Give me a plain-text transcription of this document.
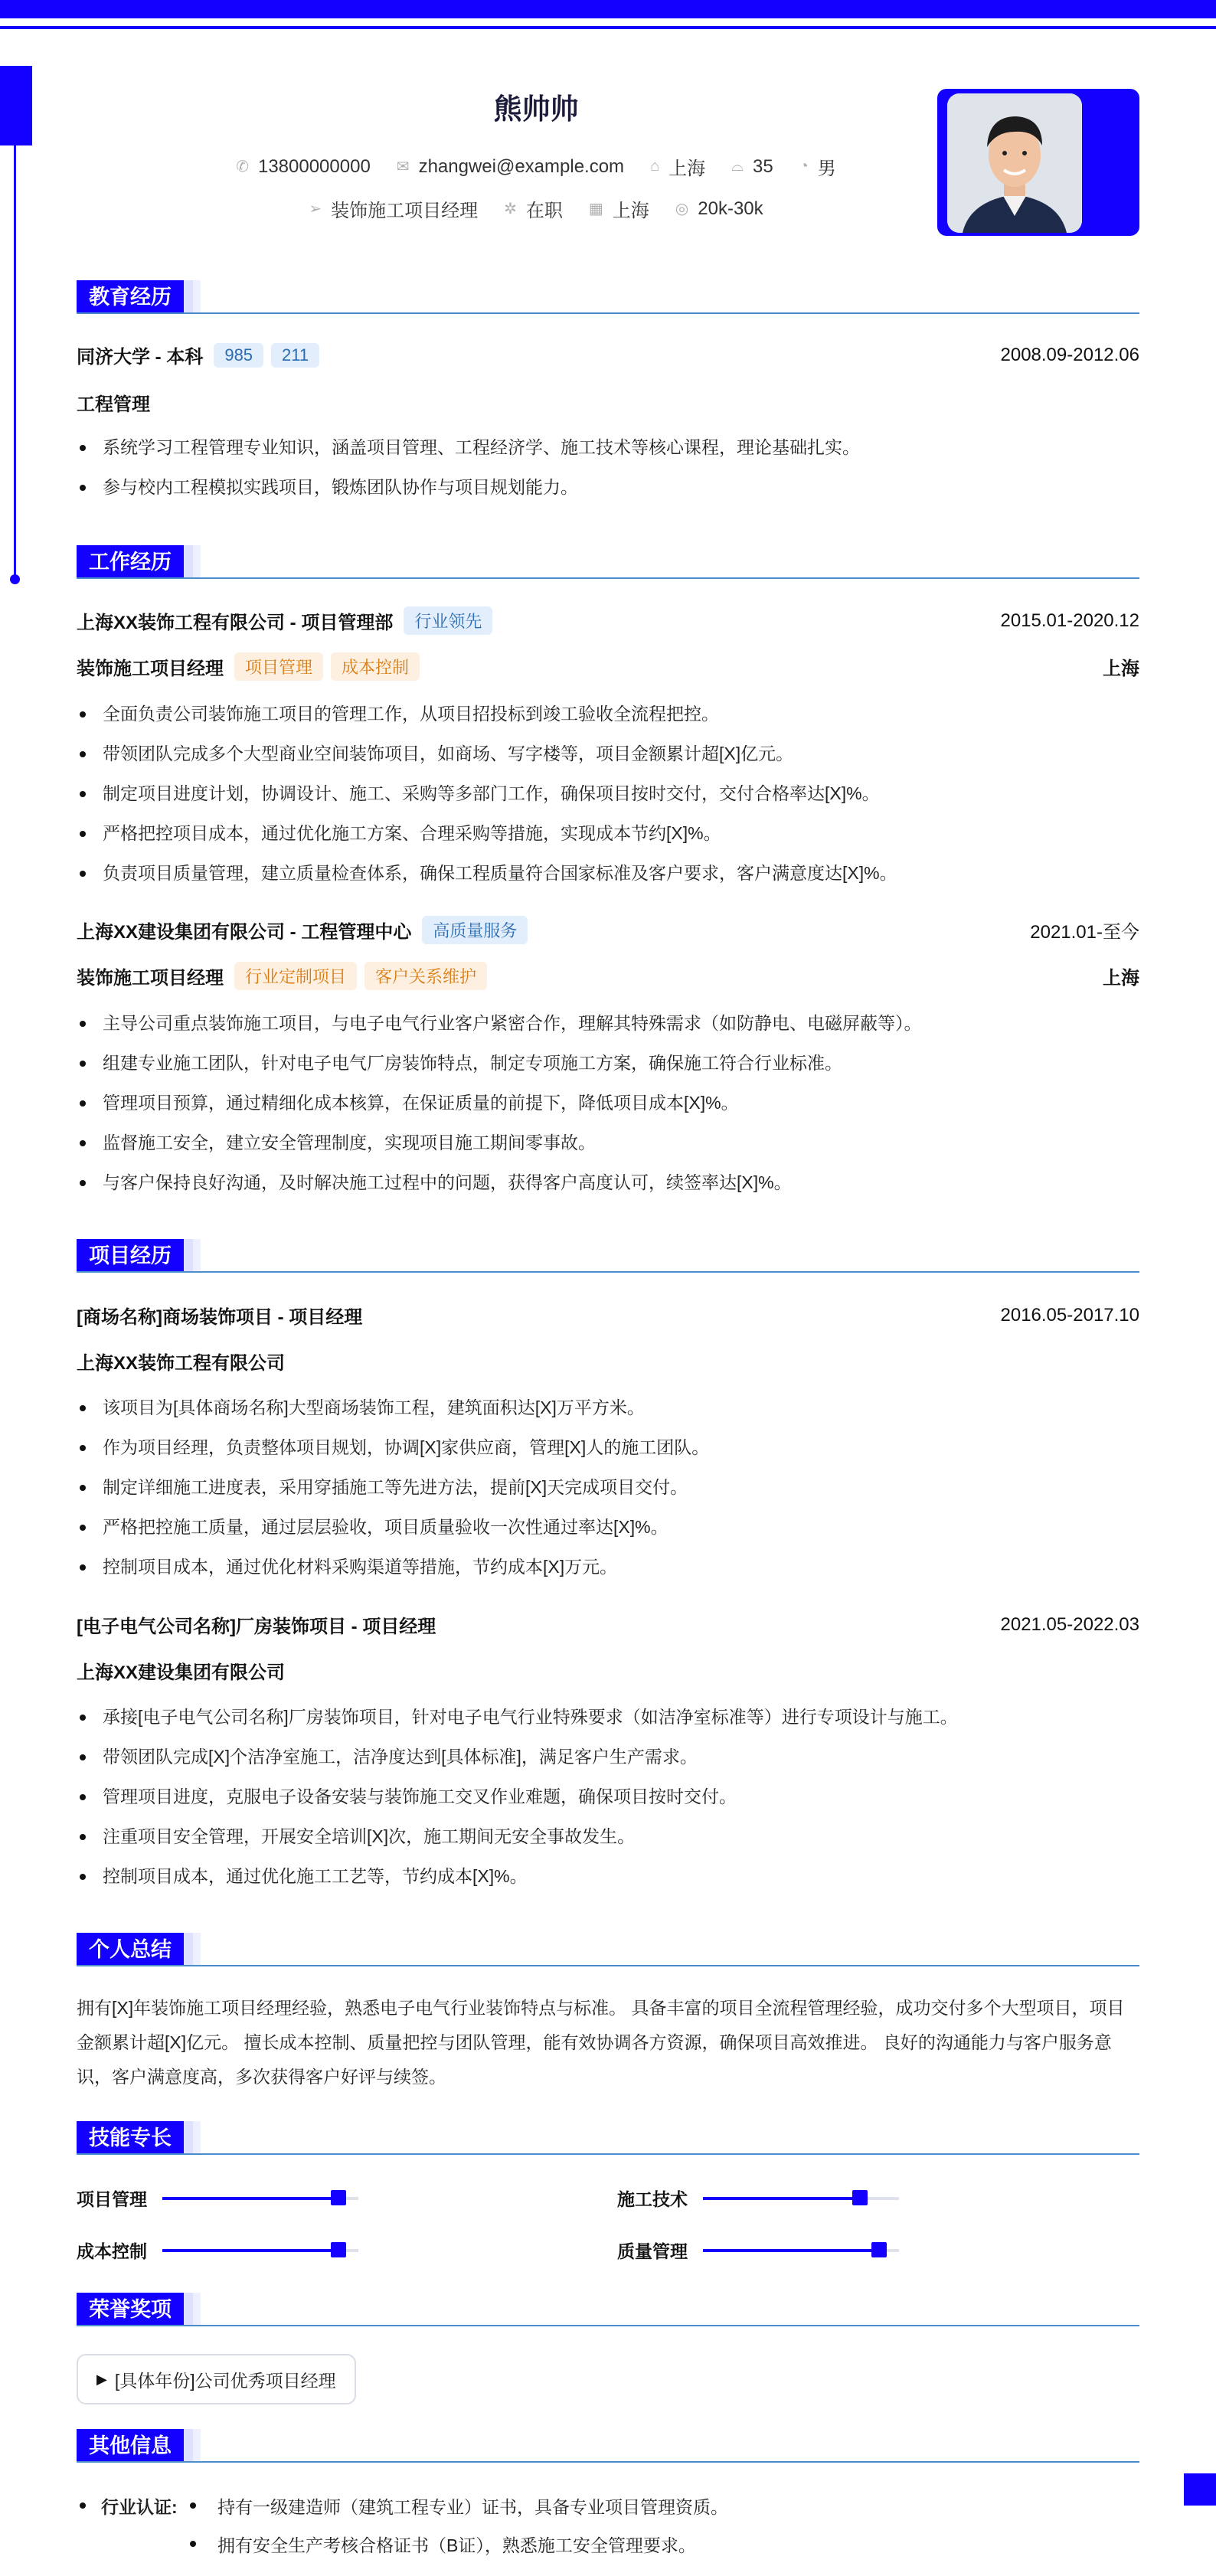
熊帅帅
✆ 13800000000 ✉ zhangwei@example.com ⌂ 上海 ⌓ 35 ◔ 男
➢ 装饰施工项目经理 ✲ 在职 ▦ 上海 ◎ 20k-30k
教育经历
同济大学 - 本科	985	211	2008.09-2012.06
工程管理
系统学习工程管理专业知识，涵盖项目管理、工程经济学、施工技术等核心课程，理论基础扎实。
参与校内工程模拟实践项目，锻炼团队协作与项目规划能力。
工作经历
上海XX装饰工程有限公司 - 项目管理部	行业领先	2015.01-2020.12
装饰施工项目经理	项目管理	成本控制	上海
全面负责公司装饰施工项目的管理工作，从项目招投标到竣工验收全流程把控。
带领团队完成多个大型商业空间装饰项目，如商场、写字楼等，项目金额累计超[X]亿元。
制定项目进度计划，协调设计、施工、采购等多部门工作，确保项目按时交付，交付合格率达[X]%。
严格把控项目成本，通过优化施工方案、合理采购等措施，实现成本节约[X]%。
负责项目质量管理，建立质量检查体系，确保工程质量符合国家标准及客户要求，客户满意度达[X]%。
上海XX建设集团有限公司 - 工程管理中心	高质量服务	2021.01-至今
装饰施工项目经理	行业定制项目	客户关系维护	上海
主导公司重点装饰施工项目，与电子电气行业客户紧密合作，理解其特殊需求（如防静电、电磁屏蔽等）。
组建专业施工团队，针对电子电气厂房装饰特点，制定专项施工方案，确保施工符合行业标准。
管理项目预算，通过精细化成本核算，在保证质量的前提下，降低项目成本[X]%。
监督施工安全，建立安全管理制度，实现项目施工期间零事故。
与客户保持良好沟通，及时解决施工过程中的问题，获得客户高度认可，续签率达[X]%。
项目经历
[商场名称]商场装饰项目 - 项目经理	2016.05-2017.10
上海XX装饰工程有限公司
该项目为[具体商场名称]大型商场装饰工程，建筑面积达[X]万平方米。
作为项目经理，负责整体项目规划，协调[X]家供应商，管理[X]人的施工团队。
制定详细施工进度表，采用穿插施工等先进方法，提前[X]天完成项目交付。
严格把控施工质量，通过层层验收，项目质量验收一次性通过率达[X]%。
控制项目成本，通过优化材料采购渠道等措施，节约成本[X]万元。
[电子电气公司名称]厂房装饰项目 - 项目经理	2021.05-2022.03
上海XX建设集团有限公司
承接[电子电气公司名称]厂房装饰项目，针对电子电气行业特殊要求（如洁净室标准等）进行专项设计与施工。
带领团队完成[X]个洁净室施工，洁净度达到[具体标准]，满足客户生产需求。
管理项目进度，克服电子设备安装与装饰施工交叉作业难题，确保项目按时交付。
注重项目安全管理，开展安全培训[X]次，施工期间无安全事故发生。
控制项目成本，通过优化施工工艺等，节约成本[X]%。
个人总结
拥有[X]年装饰施工项目经理经验，熟悉电子电气行业装饰特点与标准。 具备丰富的项目全流程管理经验，成功交付多个大型项目，项目金额累计超[X]亿元。 擅长成本控制、质量把控与团队管理，能有效协调各方资源，确保项目高效推进。 良好的沟通能力与客户服务意识，客户满意度高，多次获得客户好评与续签。
技能专长
项目管理	施工技术
成本控制	质量管理
荣誉奖项
▶ [具体年份]公司优秀项目经理
其他信息
行业认证: 持有一级建造师（建筑工程专业）证书，具备专业项目管理资质。
拥有安全生产考核合格证书（B证），熟悉施工安全管理要求。
